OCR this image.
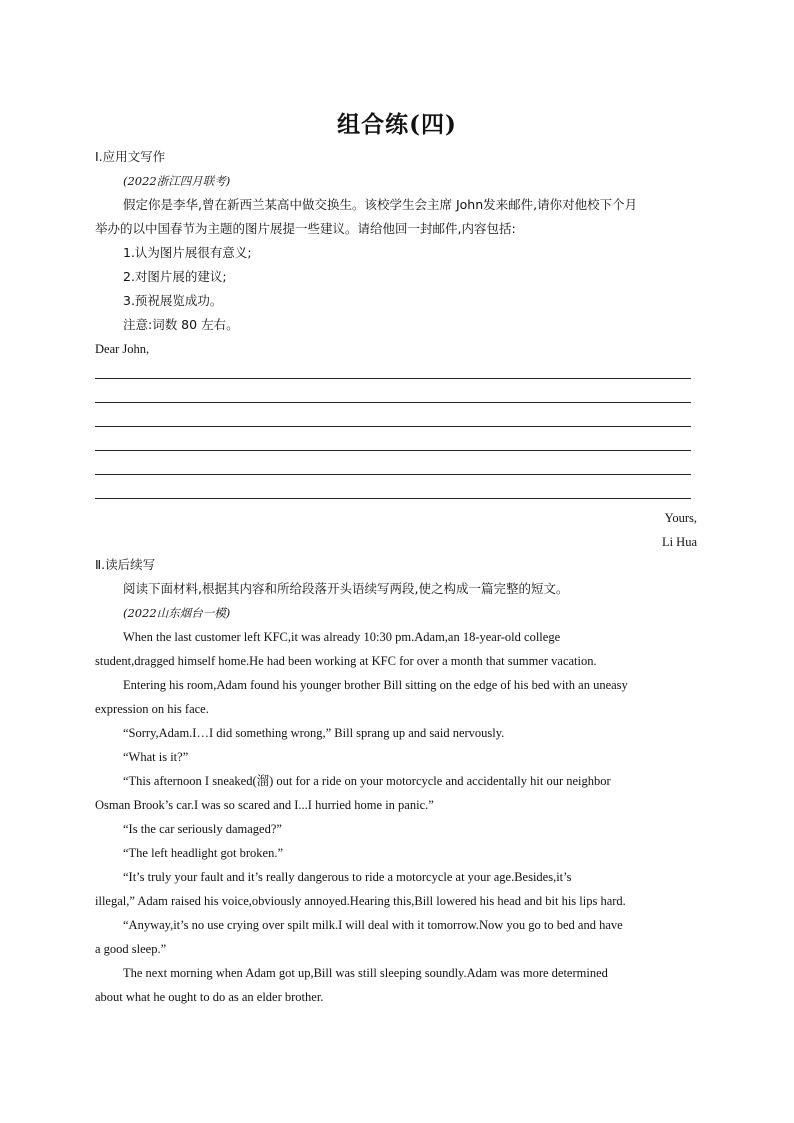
组合练(四)
Ⅰ.应用文写作
(2022浙江四月联考)
假定你是李华,曾在新西兰某高中做交换生。该校学生会主席 John发来邮件,请你对他校下个月
举办的以中国春节为主题的图片展提一些建议。请给他回一封邮件,内容包括:
1.认为图片展很有意义;
2.对图片展的建议;
3.预祝展览成功。
注意:词数 80 左右。
Dear John,
Yours,
Li Hua
Ⅱ.读后续写
阅读下面材料,根据其内容和所给段落开头语续写两段,使之构成一篇完整的短文。
(2022山东烟台一模)
When the last customer left KFC,it was already 10:30 pm.Adam,an 18-year-old college
student,dragged himself home.He had been working at KFC for over a month that summer vacation.
Entering his room,Adam found his younger brother Bill sitting on the edge of his bed with an uneasy
expression on his face.
“Sorry,Adam.I…I did something wrong,” Bill sprang up and said nervously.
“What is it?”
“This afternoon I sneaked(溜) out for a ride on your motorcycle and accidentally hit our neighbor
Osman Brook’s car.I was so scared and I...I hurried home in panic.”
“Is the car seriously damaged?”
“The left headlight got broken.”
“It’s truly your fault and it’s really dangerous to ride a motorcycle at your age.Besides,it’s
illegal,” Adam raised his voice,obviously annoyed.Hearing this,Bill lowered his head and bit his lips hard.
“Anyway,it’s no use crying over spilt milk.I will deal with it tomorrow.Now you go to bed and have
a good sleep.”
The next morning when Adam got up,Bill was still sleeping soundly.Adam was more determined
about what he ought to do as an elder brother.
